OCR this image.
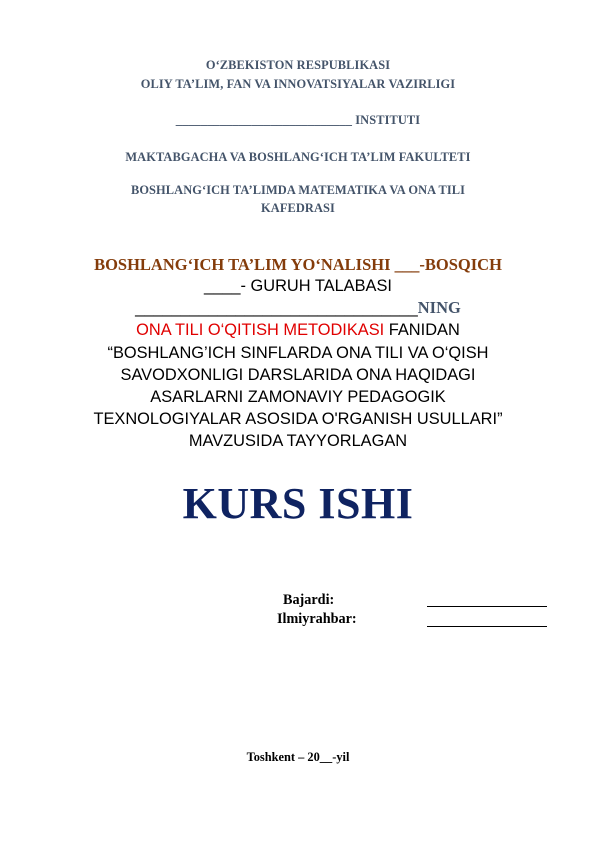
O‘ZBEKISTON RESPUBLIKASI

OLIY TA’LIM, FAN VA INNOVATSIYALAR VAZIRLIGI

____________________________ INSTITUTI

MAKTABGACHA VA BOSHLANG‘ICH TA’LIM FAKULTETI

BOSHLANG‘ICH TA’LIMDA MATEMATIKA VA ONA TILI

KAFEDRASI

BOSHLANG‘ICH TA’LIM YO‘NALISHI ___-BOSQICH

____- GURUH TALABASI

_______________________________NING

ONA TILI O‘QITISH METODIKASI FANIDAN

“BOSHLANG’ICH SINFLARDA ONA TILI VA O‘QISH

SAVODXONLIGI DARSLARIDA ONA HAQIDAGI

ASARLARNI ZAMONAVIY PEDAGOGIK

TEXNOLOGIYALAR ASOSIDA O'RGANISH USULLARI”

MAVZUSIDA TAYYORLAGAN

KURS ISHI

Bajardi:
Ilmiyrahbar:

Toshkent – 20__-yil
